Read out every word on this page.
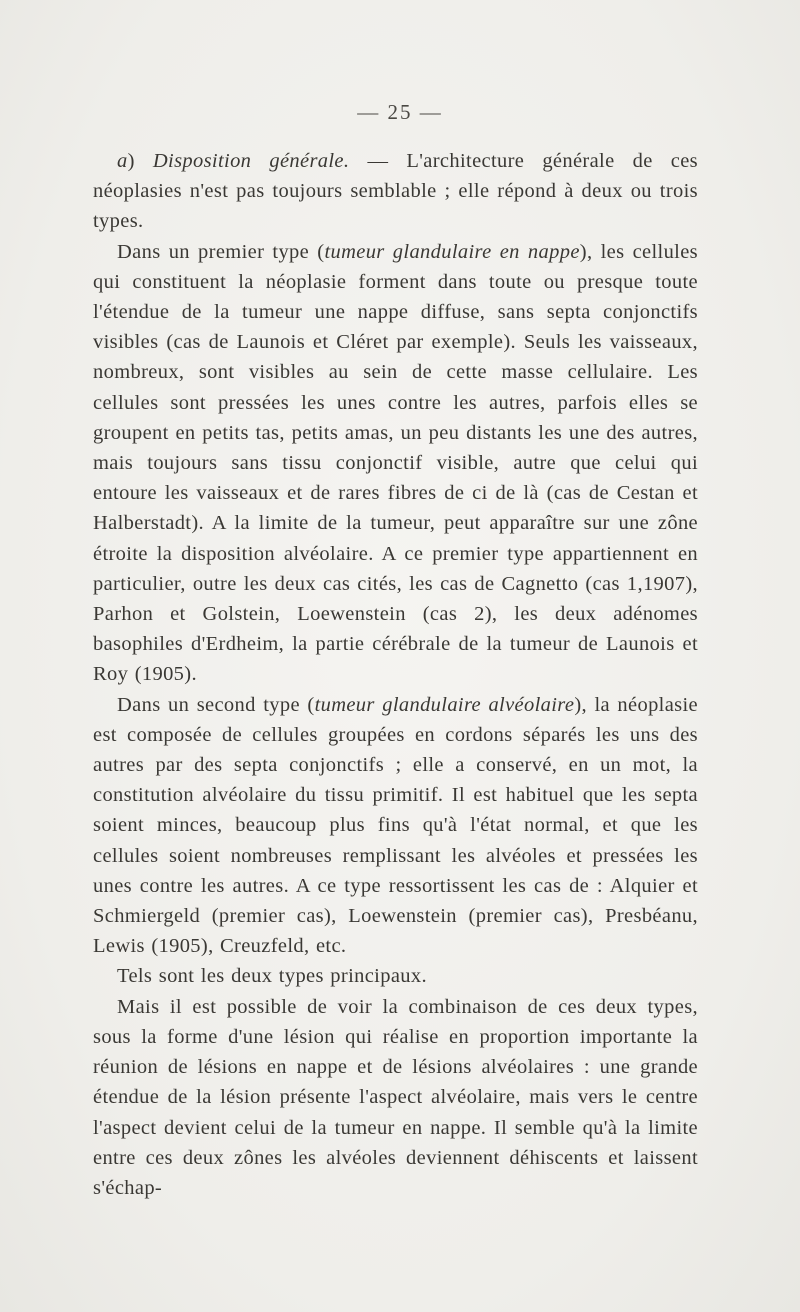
— 25 —

a) Disposition générale. — L'architecture générale de ces néoplasies n'est pas toujours semblable ; elle répond à deux ou trois types.

Dans un premier type (tumeur glandulaire en nappe), les cellules qui constituent la néoplasie forment dans toute ou presque toute l'étendue de la tumeur une nappe diffuse, sans septa conjonctifs visibles (cas de Launois et Cléret par exemple). Seuls les vaisseaux, nombreux, sont visibles au sein de cette masse cellulaire. Les cellules sont pressées les unes contre les autres, parfois elles se groupent en petits tas, petits amas, un peu distants les une des autres, mais toujours sans tissu conjonctif visible, autre que celui qui entoure les vaisseaux et de rares fibres de ci de là (cas de Cestan et Halberstadt). A la limite de la tumeur, peut apparaître sur une zône étroite la disposition alvéolaire. A ce premier type appartiennent en particulier, outre les deux cas cités, les cas de Cagnetto (cas 1,1907), Parhon et Golstein, Loewenstein (cas 2), les deux adénomes basophiles d'Erdheim, la partie cérébrale de la tumeur de Launois et Roy (1905).

Dans un second type (tumeur glandulaire alvéolaire), la néoplasie est composée de cellules groupées en cordons séparés les uns des autres par des septa conjonctifs ; elle a conservé, en un mot, la constitution alvéolaire du tissu primitif. Il est habituel que les septa soient minces, beaucoup plus fins qu'à l'état normal, et que les cellules soient nombreuses remplissant les alvéoles et pressées les unes contre les autres. A ce type ressortissent les cas de : Alquier et Schmiergeld (premier cas), Loewenstein (premier cas), Presbéanu, Lewis (1905), Creuzfeld, etc.

Tels sont les deux types principaux.

Mais il est possible de voir la combinaison de ces deux types, sous la forme d'une lésion qui réalise en proportion importante la réunion de lésions en nappe et de lésions alvéolaires : une grande étendue de la lésion présente l'aspect alvéolaire, mais vers le centre l'aspect devient celui de la tumeur en nappe. Il semble qu'à la limite entre ces deux zônes les alvéoles deviennent déhiscents et laissent s'échap-
